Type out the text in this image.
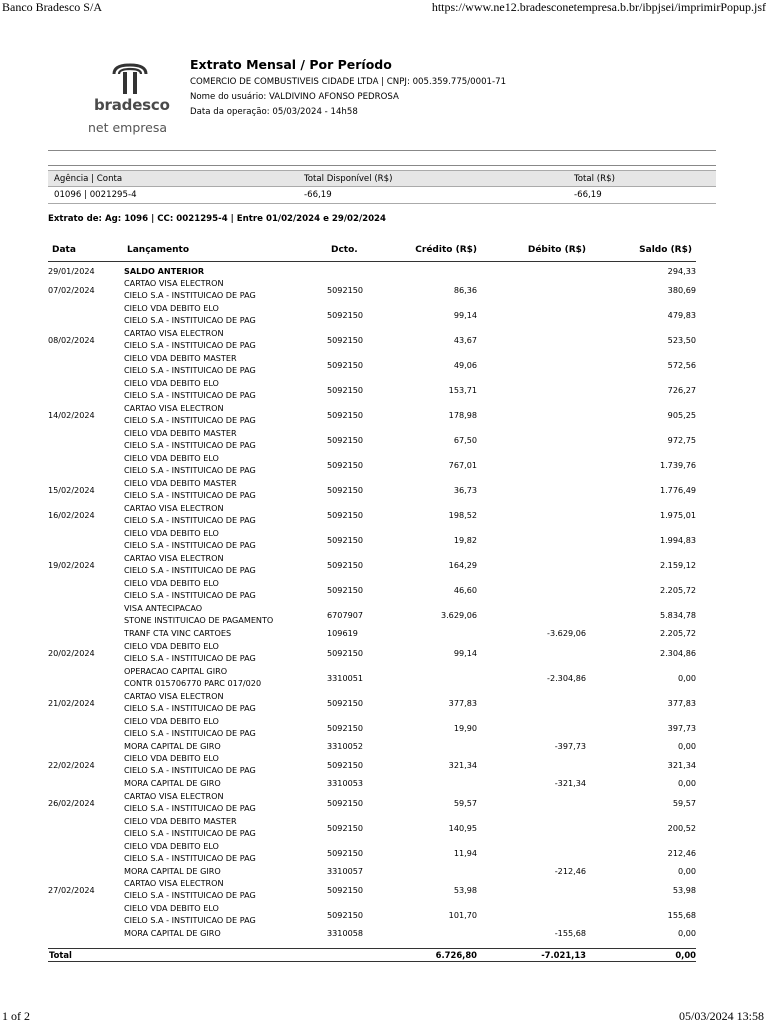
Banco Bradesco S/A	https://www.ne12.bradesconetempresa.b.br/ibpjsei/imprimirPopup.jsf
bradesco
net empresa
Extrato Mensal / Por Período
COMERCIO DE COMBUSTIVEIS CIDADE LTDA | CNPJ: 005.359.775/0001-71
Nome do usuário: VALDIVINO AFONSO PEDROSA
Data da operação: 05/03/2024 - 14h58
Agência | Conta	Total Disponível (R$)	Total (R$)
01096 | 0021295-4	-66,19	-66,19
Extrato de: Ag: 1096 | CC: 0021295-4 | Entre 01/02/2024 e 29/02/2024
Data	Lançamento	Dcto.	Crédito (R$)	Débito (R$)	Saldo (R$)
29/01/2024	SALDO ANTERIOR	294,33
07/02/2024
CARTAO VISA ELECTRON
CIELO S.A - INSTITUICAO DE PAG	5092150	86,36	380,69
CIELO VDA DEBITO ELO
CIELO S.A - INSTITUICAO DE PAG	5092150	99,14	479,83
08/02/2024
CARTAO VISA ELECTRON
CIELO S.A - INSTITUICAO DE PAG	5092150	43,67	523,50
CIELO VDA DEBITO MASTER
CIELO S.A - INSTITUICAO DE PAG	5092150	49,06	572,56
CIELO VDA DEBITO ELO
CIELO S.A - INSTITUICAO DE PAG	5092150	153,71	726,27
14/02/2024
CARTAO VISA ELECTRON
CIELO S.A - INSTITUICAO DE PAG	5092150	178,98	905,25
CIELO VDA DEBITO MASTER
CIELO S.A - INSTITUICAO DE PAG	5092150	67,50	972,75
CIELO VDA DEBITO ELO
CIELO S.A - INSTITUICAO DE PAG	5092150	767,01	1.739,76
15/02/2024
CIELO VDA DEBITO MASTER
CIELO S.A - INSTITUICAO DE PAG	5092150	36,73	1.776,49
16/02/2024
CARTAO VISA ELECTRON
CIELO S.A - INSTITUICAO DE PAG	5092150	198,52	1.975,01
CIELO VDA DEBITO ELO
CIELO S.A - INSTITUICAO DE PAG	5092150	19,82	1.994,83
19/02/2024
CARTAO VISA ELECTRON
CIELO S.A - INSTITUICAO DE PAG	5092150	164,29	2.159,12
CIELO VDA DEBITO ELO
CIELO S.A - INSTITUICAO DE PAG	5092150	46,60	2.205,72
VISA ANTECIPACAO
STONE INSTITUICAO DE PAGAMENTO	6707907	3.629,06	5.834,78
TRANF CTA VINC CARTOES	109619	-3.629,06	2.205,72
20/02/2024
CIELO VDA DEBITO ELO
CIELO S.A - INSTITUICAO DE PAG	5092150	99,14	2.304,86
OPERACAO CAPITAL GIRO
CONTR 015706770 PARC 017/020	3310051	-2.304,86	0,00
21/02/2024
CARTAO VISA ELECTRON
CIELO S.A - INSTITUICAO DE PAG	5092150	377,83	377,83
CIELO VDA DEBITO ELO
CIELO S.A - INSTITUICAO DE PAG	5092150	19,90	397,73
MORA CAPITAL DE GIRO	3310052	-397,73	0,00
22/02/2024
CIELO VDA DEBITO ELO
CIELO S.A - INSTITUICAO DE PAG	5092150	321,34	321,34
MORA CAPITAL DE GIRO	3310053	-321,34	0,00
26/02/2024
CARTAO VISA ELECTRON
CIELO S.A - INSTITUICAO DE PAG	5092150	59,57	59,57
CIELO VDA DEBITO MASTER
CIELO S.A - INSTITUICAO DE PAG	5092150	140,95	200,52
CIELO VDA DEBITO ELO
CIELO S.A - INSTITUICAO DE PAG	5092150	11,94	212,46
MORA CAPITAL DE GIRO	3310057	-212,46	0,00
27/02/2024
CARTAO VISA ELECTRON
CIELO S.A - INSTITUICAO DE PAG	5092150	53,98	53,98
CIELO VDA DEBITO ELO
CIELO S.A - INSTITUICAO DE PAG	5092150	101,70	155,68
MORA CAPITAL DE GIRO	3310058	-155,68	0,00
Total	6.726,80	-7.021,13	0,00
1 of 2	05/03/2024 13:58
